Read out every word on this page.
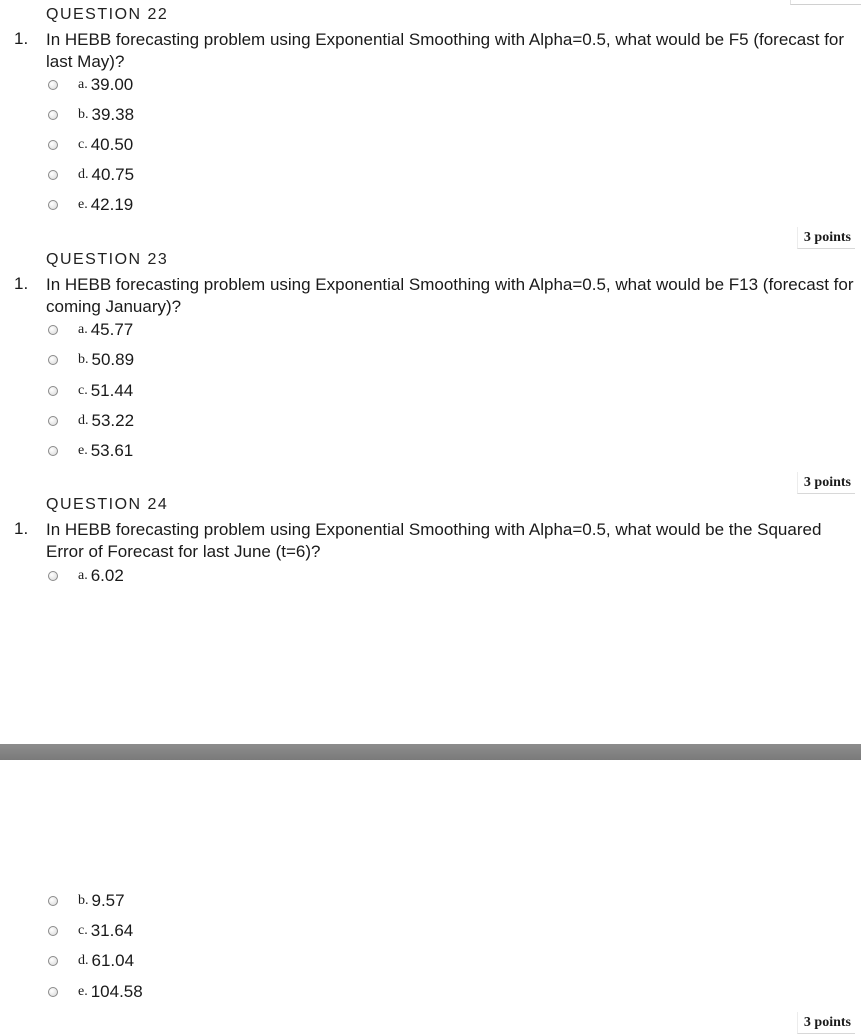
QUESTION 22
1. In HEBB forecasting problem using Exponential Smoothing with Alpha=0.5, what would be F5 (forecast for last May)?
a. 39.00
b. 39.38
c. 40.50
d. 40.75
e. 42.19
3 points
QUESTION 23
1. In HEBB forecasting problem using Exponential Smoothing with Alpha=0.5, what would be F13 (forecast for coming January)?
a. 45.77
b. 50.89
c. 51.44
d. 53.22
e. 53.61
3 points
QUESTION 24
1. In HEBB forecasting problem using Exponential Smoothing with Alpha=0.5, what would be the Squared Error of Forecast for last June (t=6)?
a. 6.02
b. 9.57
c. 31.64
d. 61.04
e. 104.58
3 points
